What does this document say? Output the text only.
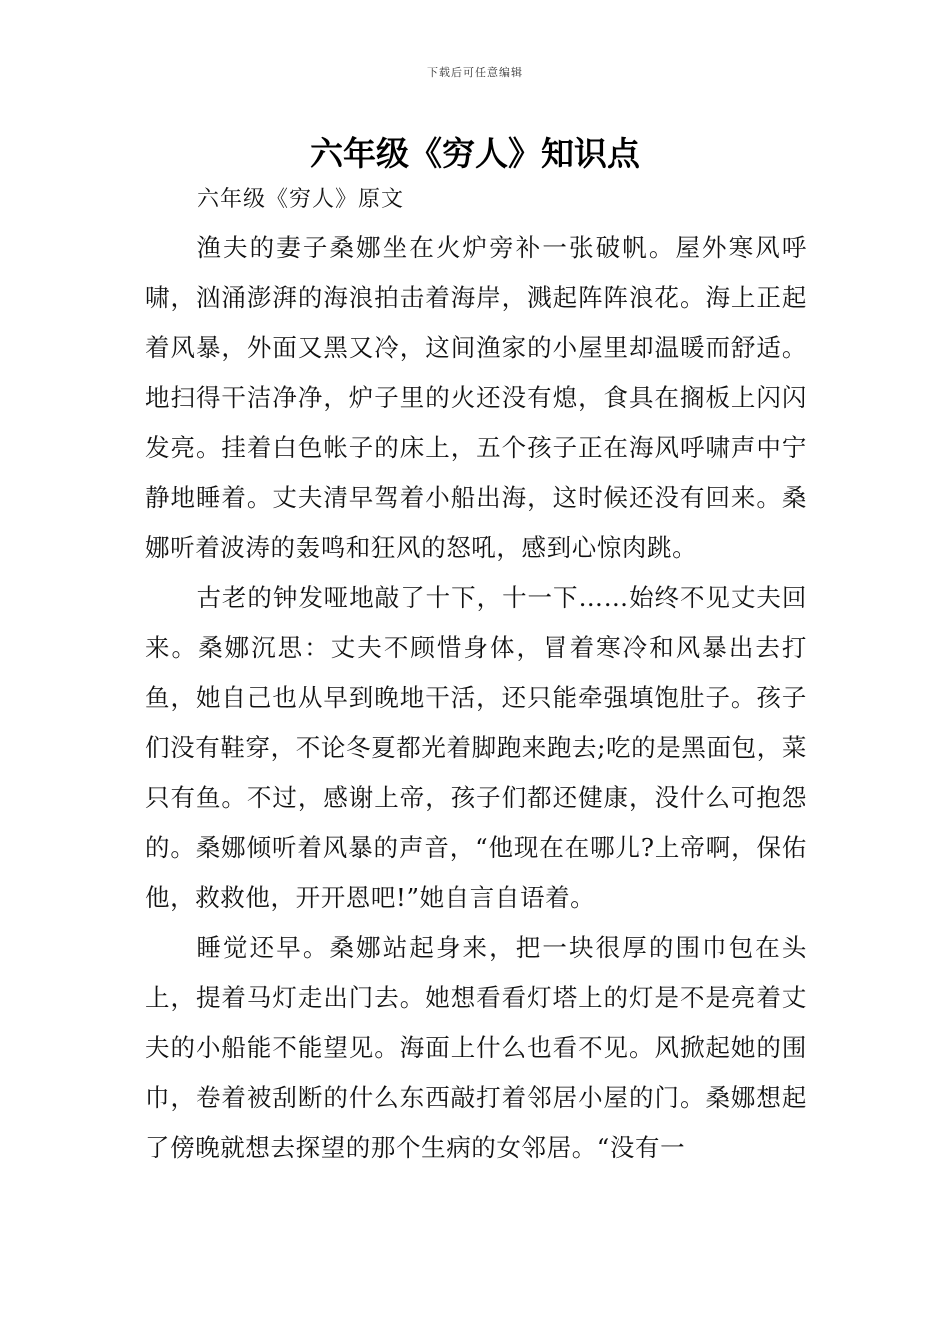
下载后可任意编辑
六年级《穷人》知识点

六年级《穷人》原文

渔夫的妻子桑娜坐在火炉旁补一张破帆。屋外寒风呼啸，汹涌澎湃的海浪拍击着海岸，溅起阵阵浪花。海上正起着风暴，外面又黑又冷，这间渔家的小屋里却温暖而舒适。地扫得干洁净净，炉子里的火还没有熄，食具在搁板上闪闪发亮。挂着白色帐子的床上，五个孩子正在海风呼啸声中宁静地睡着。丈夫清早驾着小船出海，这时候还没有回来。桑娜听着波涛的轰鸣和狂风的怒吼，感到心惊肉跳。

古老的钟发哑地敲了十下，十一下……始终不见丈夫回来。桑娜沉思：丈夫不顾惜身体，冒着寒冷和风暴出去打鱼，她自己也从早到晚地干活，还只能牵强填饱肚子。孩子们没有鞋穿，不论冬夏都光着脚跑来跑去;吃的是黑面包，菜只有鱼。不过，感谢上帝，孩子们都还健康，没什么可抱怨的。桑娜倾听着风暴的声音，“他现在在哪儿?上帝啊，保佑他，救救他，开开恩吧!”她自言自语着。

睡觉还早。桑娜站起身来，把一块很厚的围巾包在头上，提着马灯走出门去。她想看看灯塔上的灯是不是亮着丈夫的小船能不能望见。海面上什么也看不见。风掀起她的围巾，卷着被刮断的什么东西敲打着邻居小屋的门。桑娜想起了傍晚就想去探望的那个生病的女邻居。“没有一
